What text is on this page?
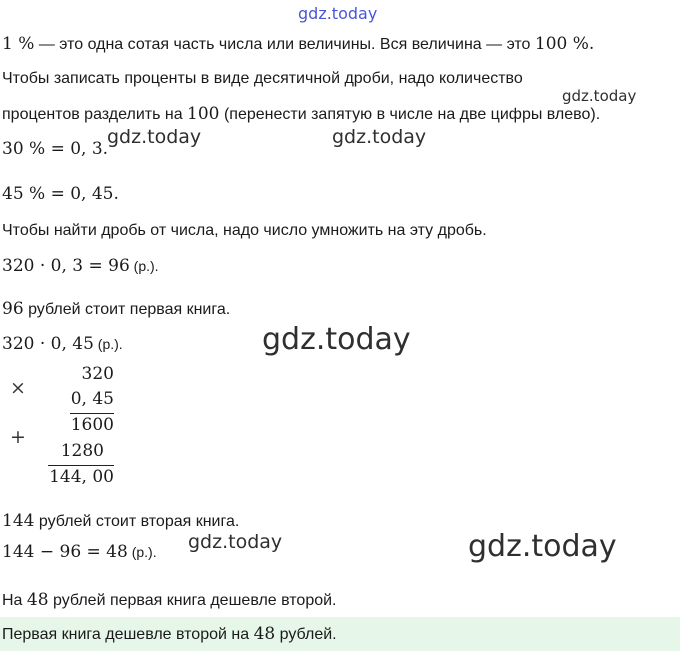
gdz.today
gdz.today
gdz.today	gdz.today
gdz.today
gdz.today	gdz.today
1 % — это одна сотая часть числа или величины. Вся величина — это 100 %.
Чтобы записать проценты в виде десятичной дроби, надо количество
процентов разделить на 100 (перенести запятую в числе на две цифры влево).
30 % = 0, 3.
45 % = 0, 45.
Чтобы найти дробь от числа, надо число умножить на эту дробь.
320 · 0, 3 = 96 (р.).
96 рублей стоит первая книга.
320 · 0, 45 (р.).
×
320
0, 45
1600
+
1280
144, 00
144 рублей стоит вторая книга.
144 − 96 = 48 (р.).
На 48 рублей первая книга дешевле второй.
Первая книга дешевле второй на 48 рублей.
